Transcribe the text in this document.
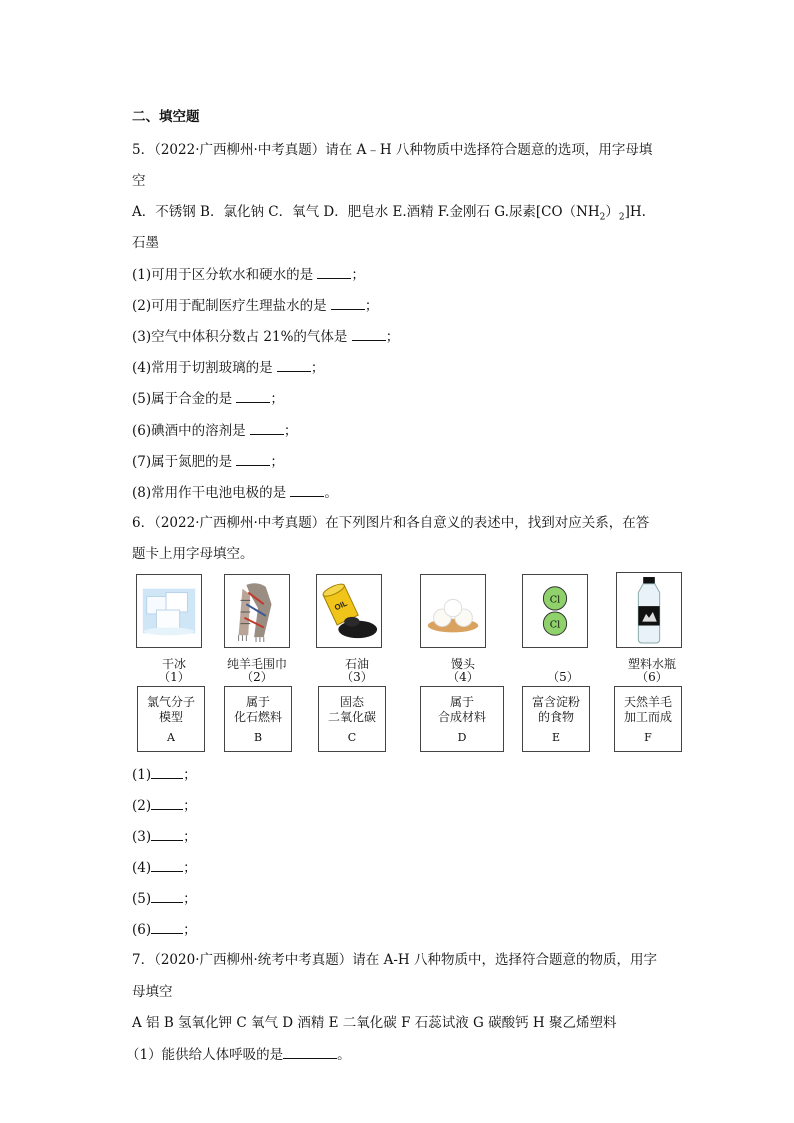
二、填空题
5．（2022·广西柳州·中考真题）请在 A﹣H 八种物质中选择符合题意的选项，用字母填
空
A．不锈钢 B．氯化钠 C．氧气 D．肥皂水 E.酒精 F.金刚石 G.尿素$[CO(NH_2)_2]H$.
石墨
(1)可用于区分软水和硬水的是	；
(2)可用于配制医疗生理盐水的是	；
(3)空气中体积分数占 21%的气体是	；
(4)常用于切割玻璃的是	；
(5)属于合金的是	；
(6)碘酒中的溶剂是	；
(7)属于氮肥的是	；
(8)常用作干电池电极的是	。
6．（2022·广西柳州·中考真题）在下列图片和各自意义的表述中，找到对应关系，在答
题卡上用字母填空。
OIL	Cl
Cl
干冰
（1）
纯羊毛围巾
（2）
石油
（3）
馒头
（4）	（5）
塑料水瓶
（6）
氯气分子
模型
A
属于
化石燃料
B
固态
二氧化碳
C
属于
合成材料
D
富含淀粉
的食物
E
天然羊毛
加工而成
F
(1) ；
(2) ；
(3) ；
(4) ；
(5) ；
(6) ；
7．（2020·广西柳州·统考中考真题）请在 A-H 八种物质中，选择符合题意的物质，用字
母填空
A 铝 B 氢氧化钾 C 氧气 D 酒精 E 二氧化碳 F 石蕊试液 G 碳酸钙 H 聚乙烯塑料
（1）能供给人体呼吸的是	。
